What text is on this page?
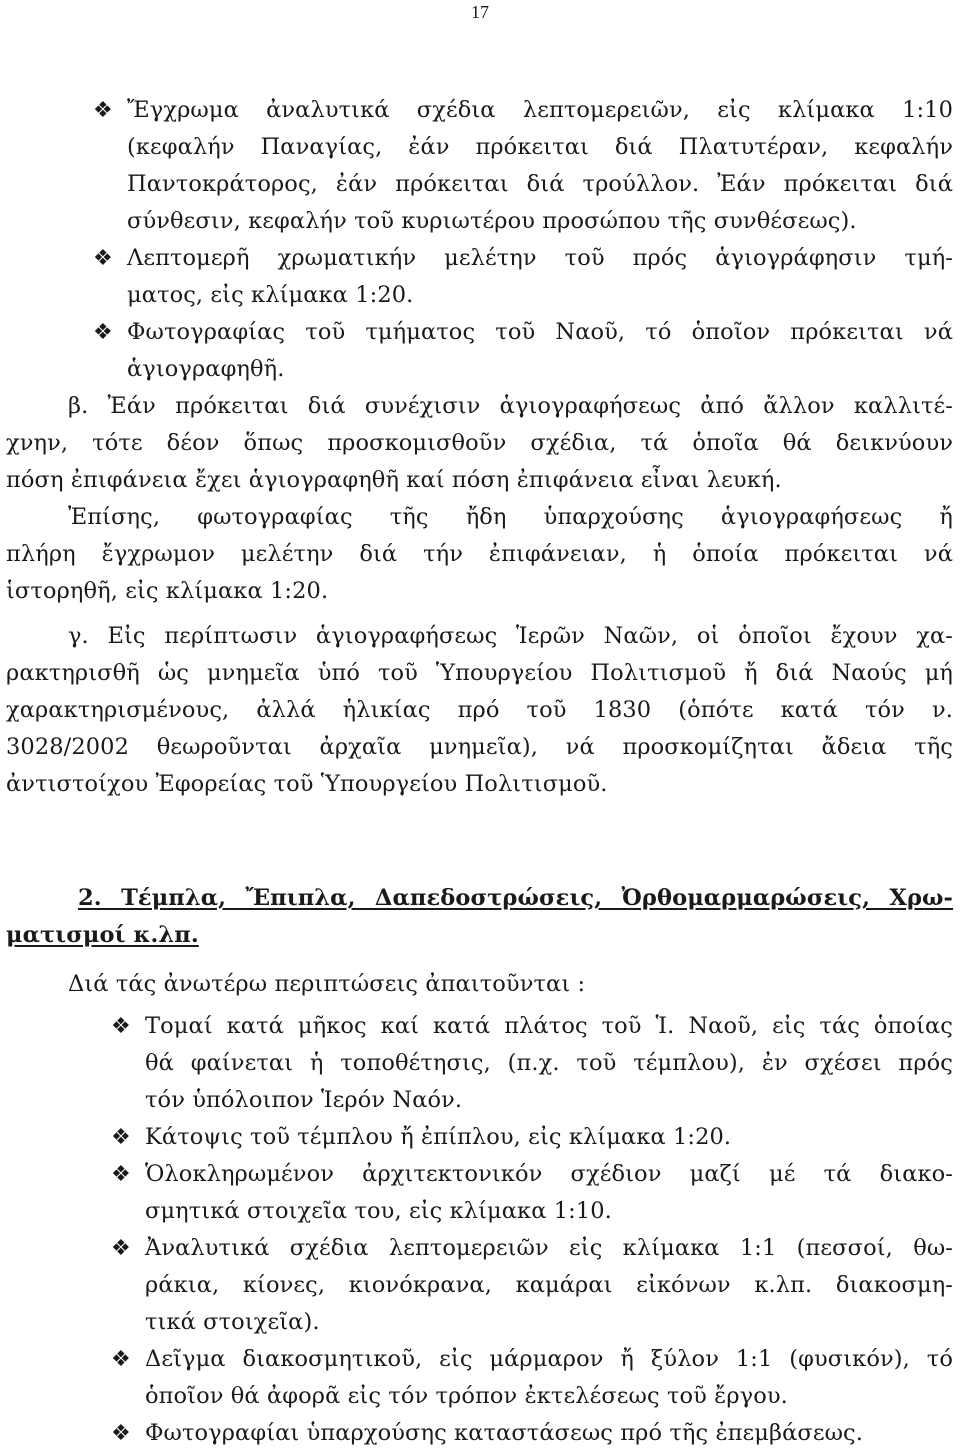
17
❖ Ἔγχρωμα ἀναλυτικά σχέδια λεπτομερειῶν, εἰς κλίμακα 1:10
(κεφαλήν Παναγίας, ἐάν πρόκειται διά Πλατυτέραν, κεφαλήν
Παντοκράτορος, ἐάν πρόκειται διά τρούλλον. Ἐάν πρόκειται διά
σύνθεσιν, κεφαλήν τοῦ κυριωτέρου προσώπου τῆς συνθέσεως).
❖ Λεπτομερῆ χρωματικήν μελέτην τοῦ πρός ἁγιογράφησιν τμή-
ματος, εἰς κλίμακα 1:20.
❖ Φωτογραφίας τοῦ τμήματος τοῦ Ναοῦ, τό ὁποῖον πρόκειται νά
ἁγιογραφηθῆ.
β. Ἐάν πρόκειται διά συνέχισιν ἁγιογραφήσεως ἀπό ἄλλον καλλιτέ-
χνην, τότε δέον ὅπως προσκομισθοῦν σχέδια, τά ὁποῖα θά δεικνύουν
πόση ἐπιφάνεια ἔχει ἁγιογραφηθῆ καί πόση ἐπιφάνεια εἶναι λευκή.
Ἐπίσης, φωτογραφίας τῆς ἤδη ὑπαρχούσης ἁγιογραφήσεως ἤ
πλήρη ἔγχρωμον μελέτην διά τήν ἐπιφάνειαν, ἡ ὁποία πρόκειται νά
ἱστορηθῆ, εἰς κλίμακα 1:20.
γ. Εἰς περίπτωσιν ἁγιογραφήσεως Ἱερῶν Ναῶν, οἱ ὁποῖοι ἔχουν χα-
ρακτηρισθῆ ὡς μνημεῖα ὑπό τοῦ Ὑπουργείου Πολιτισμοῦ ἤ διά Ναούς μή
χαρακτηρισμένους, ἀλλά ἡλικίας πρό τοῦ 1830 (ὁπότε κατά τόν ν.
3028/2002 θεωροῦνται ἀρχαῖα μνημεῖα), νά προσκομίζηται ἄδεια τῆς
ἀντιστοίχου Ἐφορείας τοῦ Ὑπουργείου Πολιτισμοῦ.
2. Τέμπλα, Ἔπιπλα, Δαπεδοστρώσεις, Ὀρθομαρμαρώσεις, Χρω-
ματισμοί κ.λπ.
Διά τάς ἀνωτέρω περιπτώσεις ἀπαιτοῦνται :
❖ Τομαί κατά μῆκος καί κατά πλάτος τοῦ Ἱ. Ναοῦ, εἰς τάς ὁποίας
θά φαίνεται ἡ τοποθέτησις, (π.χ. τοῦ τέμπλου), ἐν σχέσει πρός
τόν ὑπόλοιπον Ἱερόν Ναόν.
❖ Κάτοψις τοῦ τέμπλου ἤ ἐπίπλου, εἰς κλίμακα 1:20.
❖ Ὁλοκληρωμένον ἀρχιτεκτονικόν σχέδιον μαζί μέ τά διακο-
σμητικά στοιχεῖα του, εἰς κλίμακα 1:10.
❖ Ἀναλυτικά σχέδια λεπτομερειῶν εἰς κλίμακα 1:1 (πεσσοί, θω-
ράκια, κίονες, κιονόκρανα, καμάραι εἰκόνων κ.λπ. διακοσμη-
τικά στοιχεῖα).
❖ Δεῖγμα διακοσμητικοῦ, εἰς μάρμαρον ἤ ξύλον 1:1 (φυσικόν), τό
ὁποῖον θά ἀφορᾶ εἰς τόν τρόπον ἐκτελέσεως τοῦ ἔργου.
❖ Φωτογραφίαι ὑπαρχούσης καταστάσεως πρό τῆς ἐπεμβάσεως.
